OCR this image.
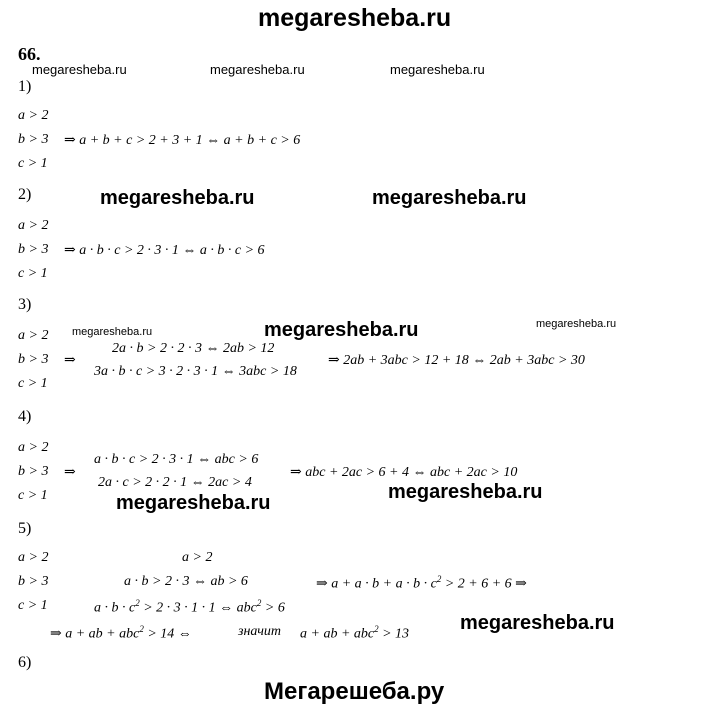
megaresheba.ru
66.
megaresheba.ru	megaresheba.ru	megaresheba.ru
1)
a > 2
b > 3
c > 1
⇒ a + b + c > 2 + 3 + 1 ⇔ a + b + c > 6
2)	megaresheba.ru	megaresheba.ru
a > 2
b > 3
c > 1
⇒ a · b · c > 2 · 3 · 1 ⇔ a · b · c > 6
3)
megaresheba.ru	megaresheba.ru	megaresheba.ru
a > 2
b > 3
c > 1
⇒
2a · b > 2 · 2 · 3 ⇔ 2ab > 12
3a · b · c > 3 · 2 · 3 · 1 ⇔ 3abc > 18
⇒ 2ab + 3abc > 12 + 18 ⇔ 2ab + 3abc > 30
4)
a > 2
b > 3
c > 1
⇒
a · b · c > 2 · 3 · 1 ⇔ abc > 6
2a · c > 2 · 2 · 1 ⇔ 2ac > 4
⇒ abc + 2ac > 6 + 4 ⇔ abc + 2ac > 10
megaresheba.ru
megaresheba.ru
5)
a > 2
b > 3
c > 1
a > 2
a · b > 2 · 3 ⇔ ab > 6
$a \cdot b \cdot c^2 > 2 \cdot 3 \cdot 1 \cdot 1$ ⇔ abc$^2$ > 6
⇒ $a + a \cdot b + a \cdot b \cdot c^2 > 2 + 6 + 6$ ⇒
⇒ a + ab + abc$^2$ > 14 ⇔	значит a + ab + abc$^2$ > 13
megaresheba.ru
6)
Мегарешеба.ру
